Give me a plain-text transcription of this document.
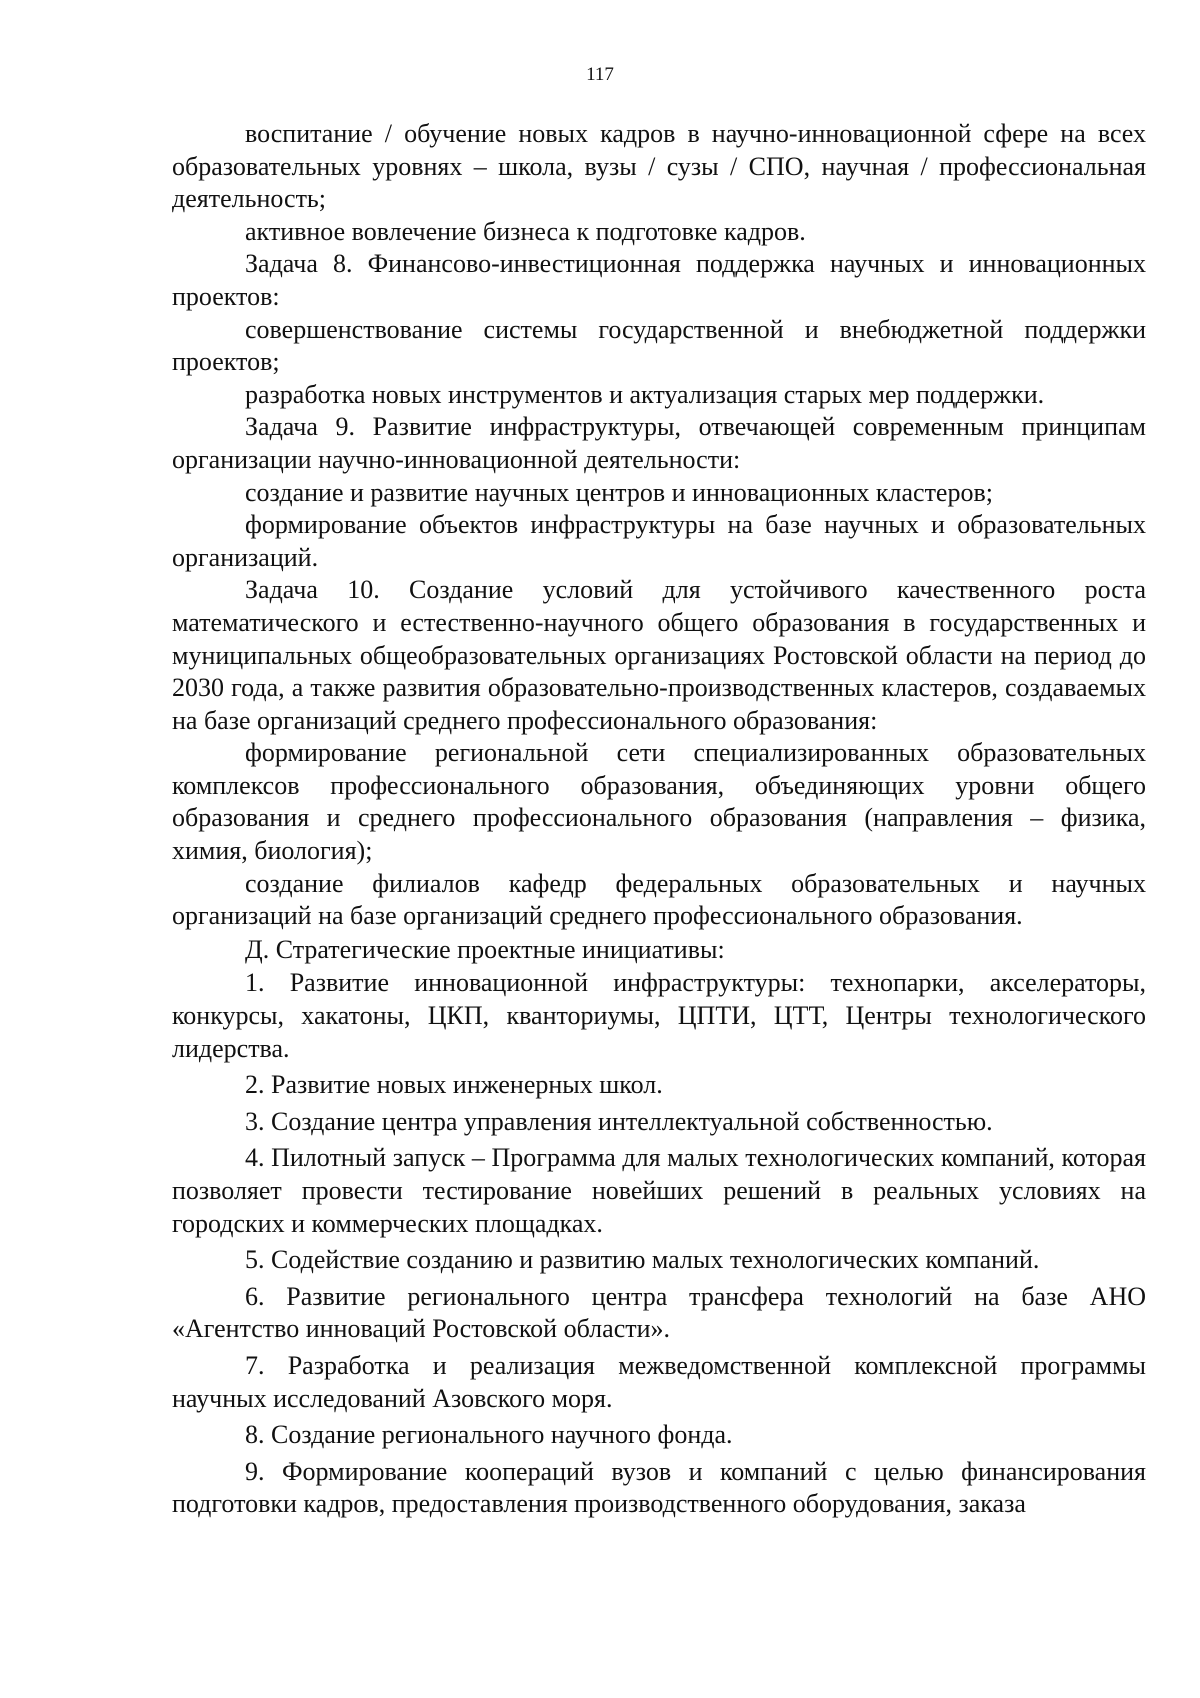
117

воспитание / обучение новых кадров в научно-инновационной сфере на всех образовательных уровнях – школа, вузы / сузы / СПО, научная / профессиональная деятельность;

активное вовлечение бизнеса к подготовке кадров.

Задача 8. Финансово-инвестиционная поддержка научных и инновационных проектов:

совершенствование системы государственной и внебюджетной поддержки проектов;

разработка новых инструментов и актуализация старых мер поддержки.

Задача 9. Развитие инфраструктуры, отвечающей современным принципам организации научно-инновационной деятельности:

создание и развитие научных центров и инновационных кластеров;

формирование объектов инфраструктуры на базе научных и образовательных организаций.

Задача 10. Создание условий для устойчивого качественного роста математического и естественно-научного общего образования в государственных и муниципальных общеобразовательных организациях Ростовской области на период до 2030 года, а также развития образовательно-производственных кластеров, создаваемых на базе организаций среднего профессионального образования:

формирование региональной сети специализированных образовательных комплексов профессионального образования, объединяющих уровни общего образования и среднего профессионального образования (направления – физика, химия, биология);

создание филиалов кафедр федеральных образовательных и научных организаций на базе организаций среднего профессионального образования.

Д. Стратегические проектные инициативы:

1. Развитие инновационной инфраструктуры: технопарки, акселераторы, конкурсы, хакатоны, ЦКП, кванториумы, ЦПТИ, ЦТТ, Центры технологического лидерства.

2. Развитие новых инженерных школ.

3. Создание центра управления интеллектуальной собственностью.

4. Пилотный запуск – Программа для малых технологических компаний, которая позволяет провести тестирование новейших решений в реальных условиях на городских и коммерческих площадках.

5. Содействие созданию и развитию малых технологических компаний.

6. Развитие регионального центра трансфера технологий на базе АНО «Агентство инноваций Ростовской области».

7. Разработка и реализация межведомственной комплексной программы научных исследований Азовского моря.

8. Создание регионального научного фонда.

9. Формирование коопераций вузов и компаний с целью финансирования подготовки кадров, предоставления производственного оборудования, заказа
